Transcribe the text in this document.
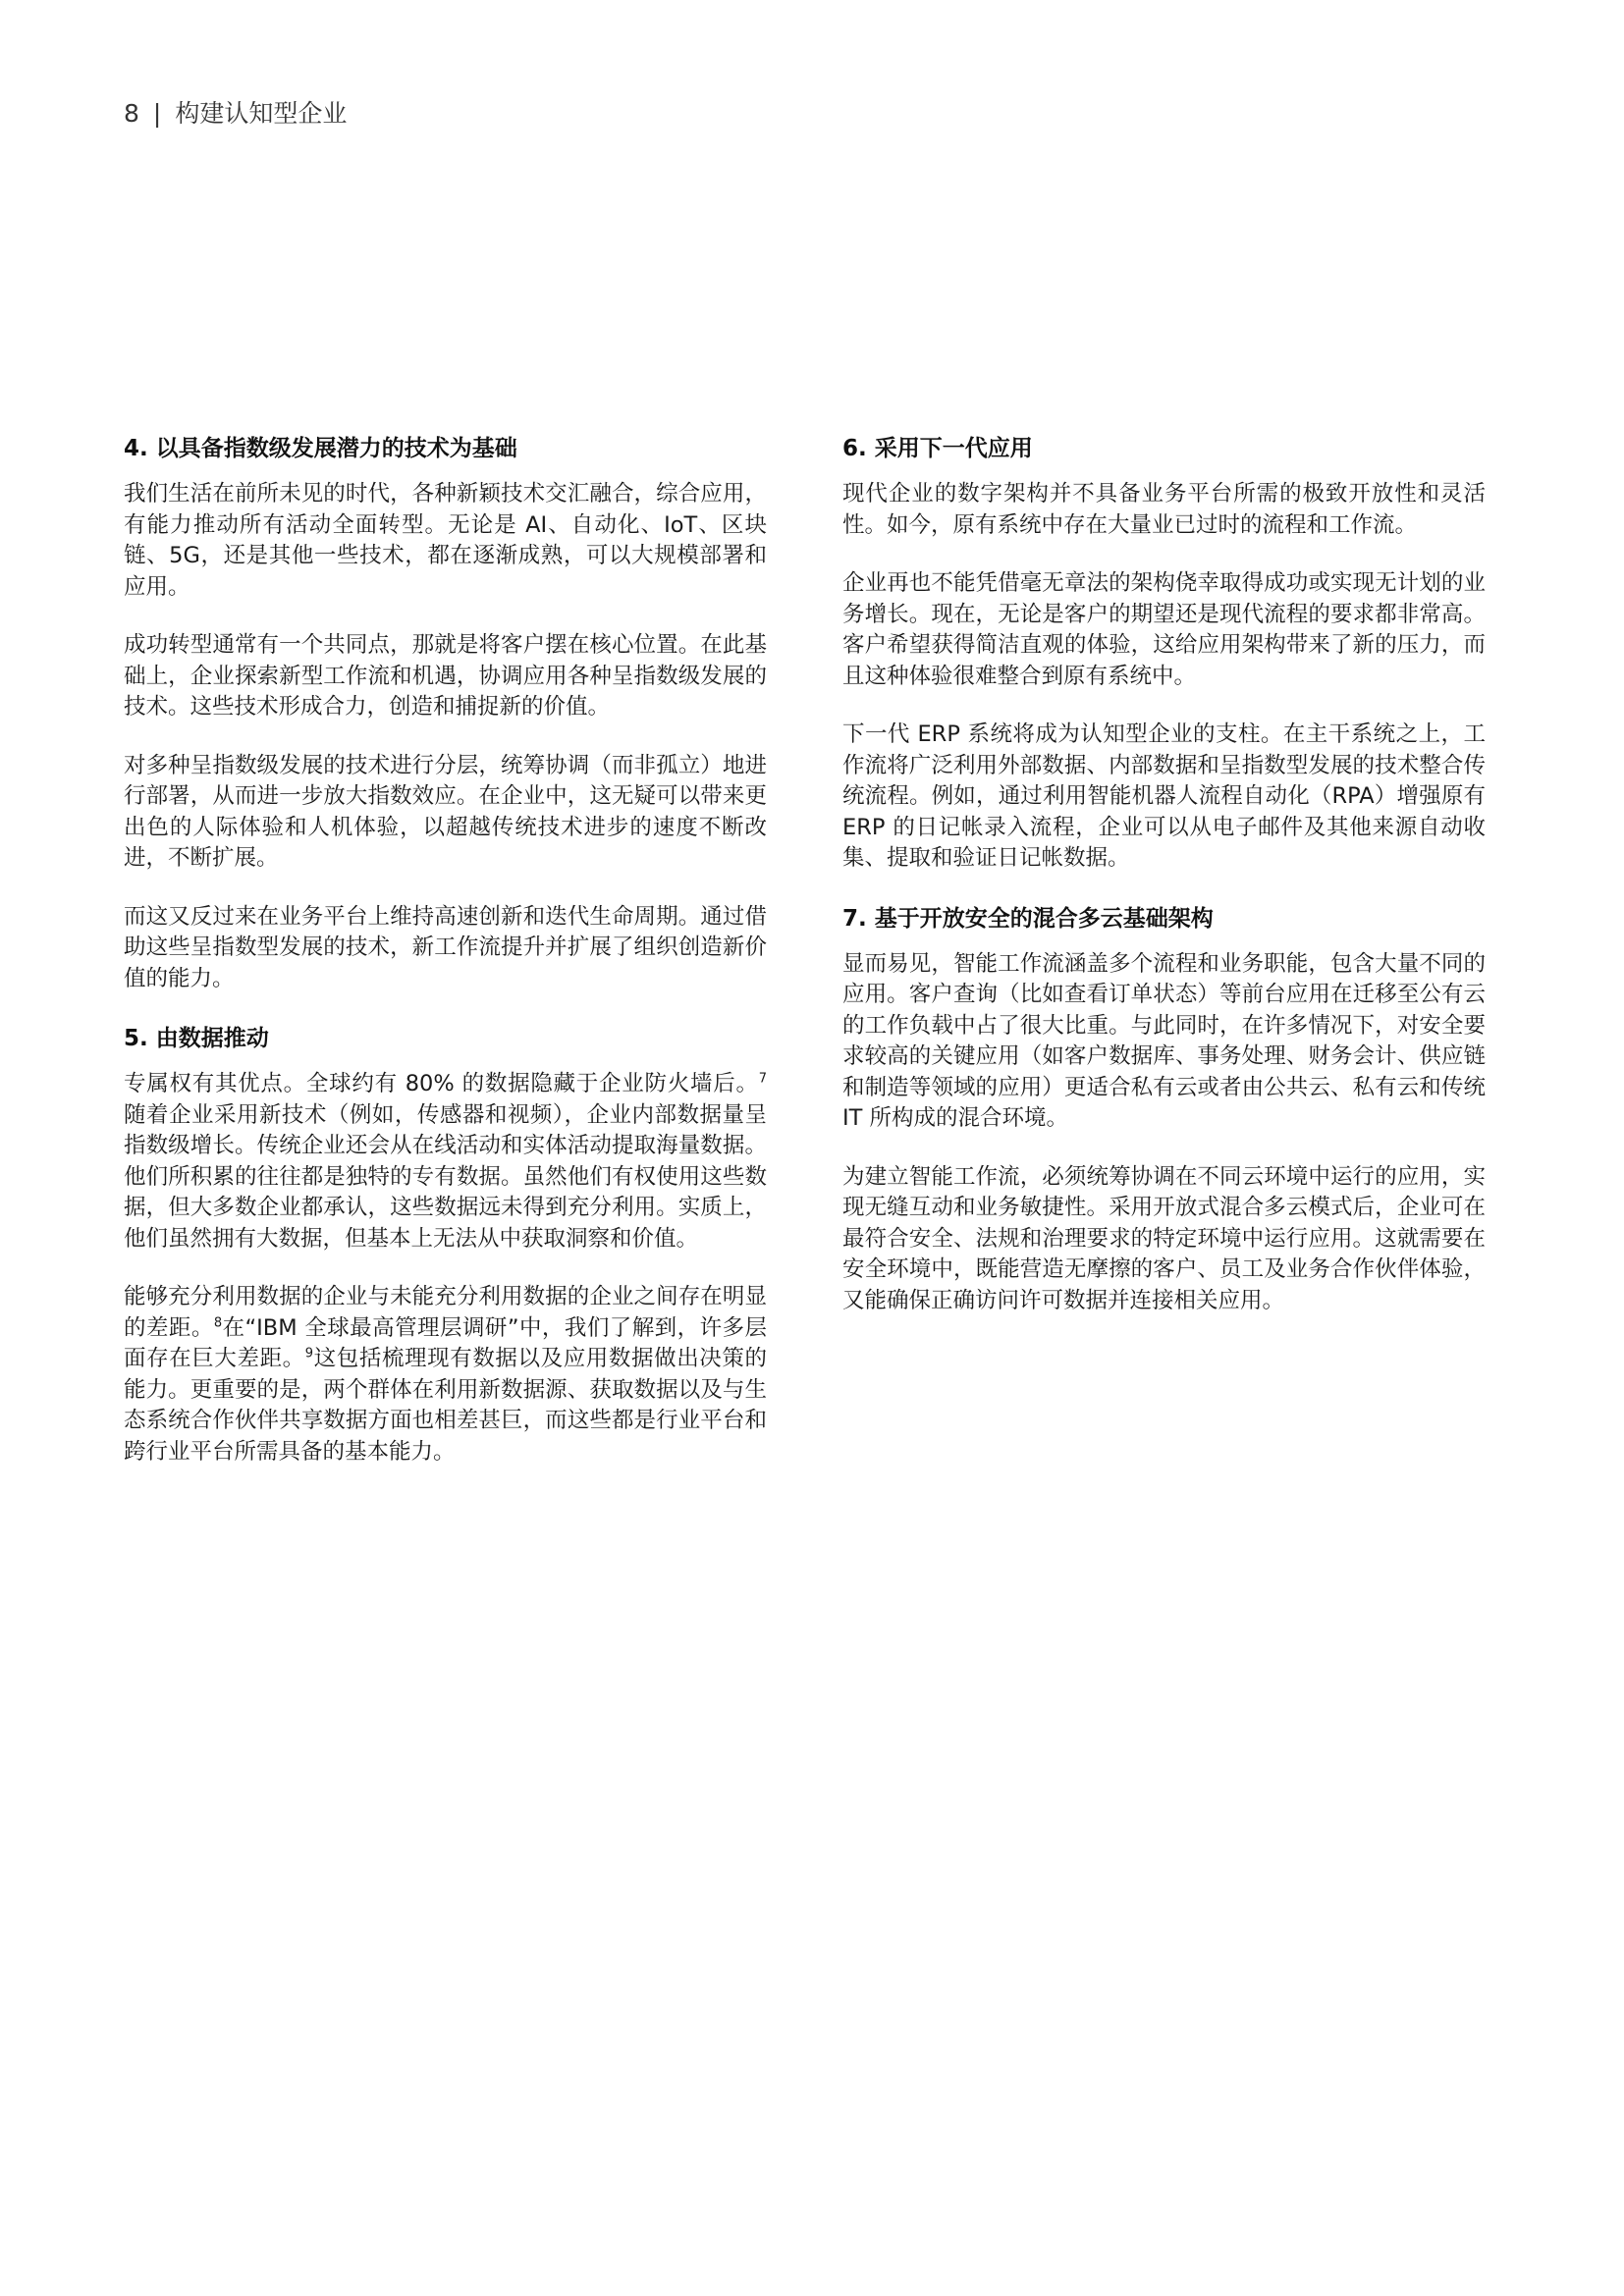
8 | 构建认知型企业
4. 以具备指数级发展潜力的技术为基础

我们生活在前所未见的时代，各种新颖技术交汇融合，综合应用，有能力推动所有活动全面转型。无论是 AI、自动化、IoT、区块链、5G，还是其他一些技术，都在逐渐成熟，可以大规模部署和应用。

成功转型通常有一个共同点，那就是将客户摆在核心位置。在此基础上，企业探索新型工作流和机遇，协调应用各种呈指数级发展的技术。这些技术形成合力，创造和捕捉新的价值。

对多种呈指数级发展的技术进行分层，统筹协调（而非孤立）地进行部署，从而进一步放大指数效应。在企业中，这无疑可以带来更出色的人际体验和人机体验，以超越传统技术进步的速度不断改进，不断扩展。

而这又反过来在业务平台上维持高速创新和迭代生命周期。通过借助这些呈指数型发展的技术，新工作流提升并扩展了组织创造新价值的能力。

5. 由数据推动

专属权有其优点。全球约有 80% 的数据隐藏于企业防火墙后。$^7$随着企业采用新技术（例如，传感器和视频），企业内部数据量呈指数级增长。传统企业还会从在线活动和实体活动提取海量数据。他们所积累的往往都是独特的专有数据。虽然他们有权使用这些数据，但大多数企业都承认，这些数据远未得到充分利用。实质上，他们虽然拥有大数据，但基本上无法从中获取洞察和价值。

能够充分利用数据的企业与未能充分利用数据的企业之间存在明显的差距。$^8$在“IBM 全球最高管理层调研”中，我们了解到，许多层面存在巨大差距。$^9$这包括梳理现有数据以及应用数据做出决策的能力。更重要的是，两个群体在利用新数据源、获取数据以及与生态系统合作伙伴共享数据方面也相差甚巨，而这些都是行业平台和跨行业平台所需具备的基本能力。

6. 采用下一代应用

现代企业的数字架构并不具备业务平台所需的极致开放性和灵活性。如今，原有系统中存在大量业已过时的流程和工作流。

企业再也不能凭借毫无章法的架构侥幸取得成功或实现无计划的业务增长。现在，无论是客户的期望还是现代流程的要求都非常高。客户希望获得简洁直观的体验，这给应用架构带来了新的压力，而且这种体验很难整合到原有系统中。

下一代 ERP 系统将成为认知型企业的支柱。在主干系统之上，工作流将广泛利用外部数据、内部数据和呈指数型发展的技术整合传统流程。例如，通过利用智能机器人流程自动化（RPA）增强原有 ERP 的日记帐录入流程，企业可以从电子邮件及其他来源自动收集、提取和验证日记帐数据。

7. 基于开放安全的混合多云基础架构

显而易见，智能工作流涵盖多个流程和业务职能，包含大量不同的应用。客户查询（比如查看订单状态）等前台应用在迁移至公有云的工作负载中占了很大比重。与此同时，在许多情况下，对安全要求较高的关键应用（如客户数据库、事务处理、财务会计、供应链和制造等领域的应用）更适合私有云或者由公共云、私有云和传统 IT 所构成的混合环境。

为建立智能工作流，必须统筹协调在不同云环境中运行的应用，实现无缝互动和业务敏捷性。采用开放式混合多云模式后，企业可在最符合安全、法规和治理要求的特定环境中运行应用。这就需要在安全环境中，既能营造无摩擦的客户、员工及业务合作伙伴体验，又能确保正确访问许可数据并连接相关应用。
